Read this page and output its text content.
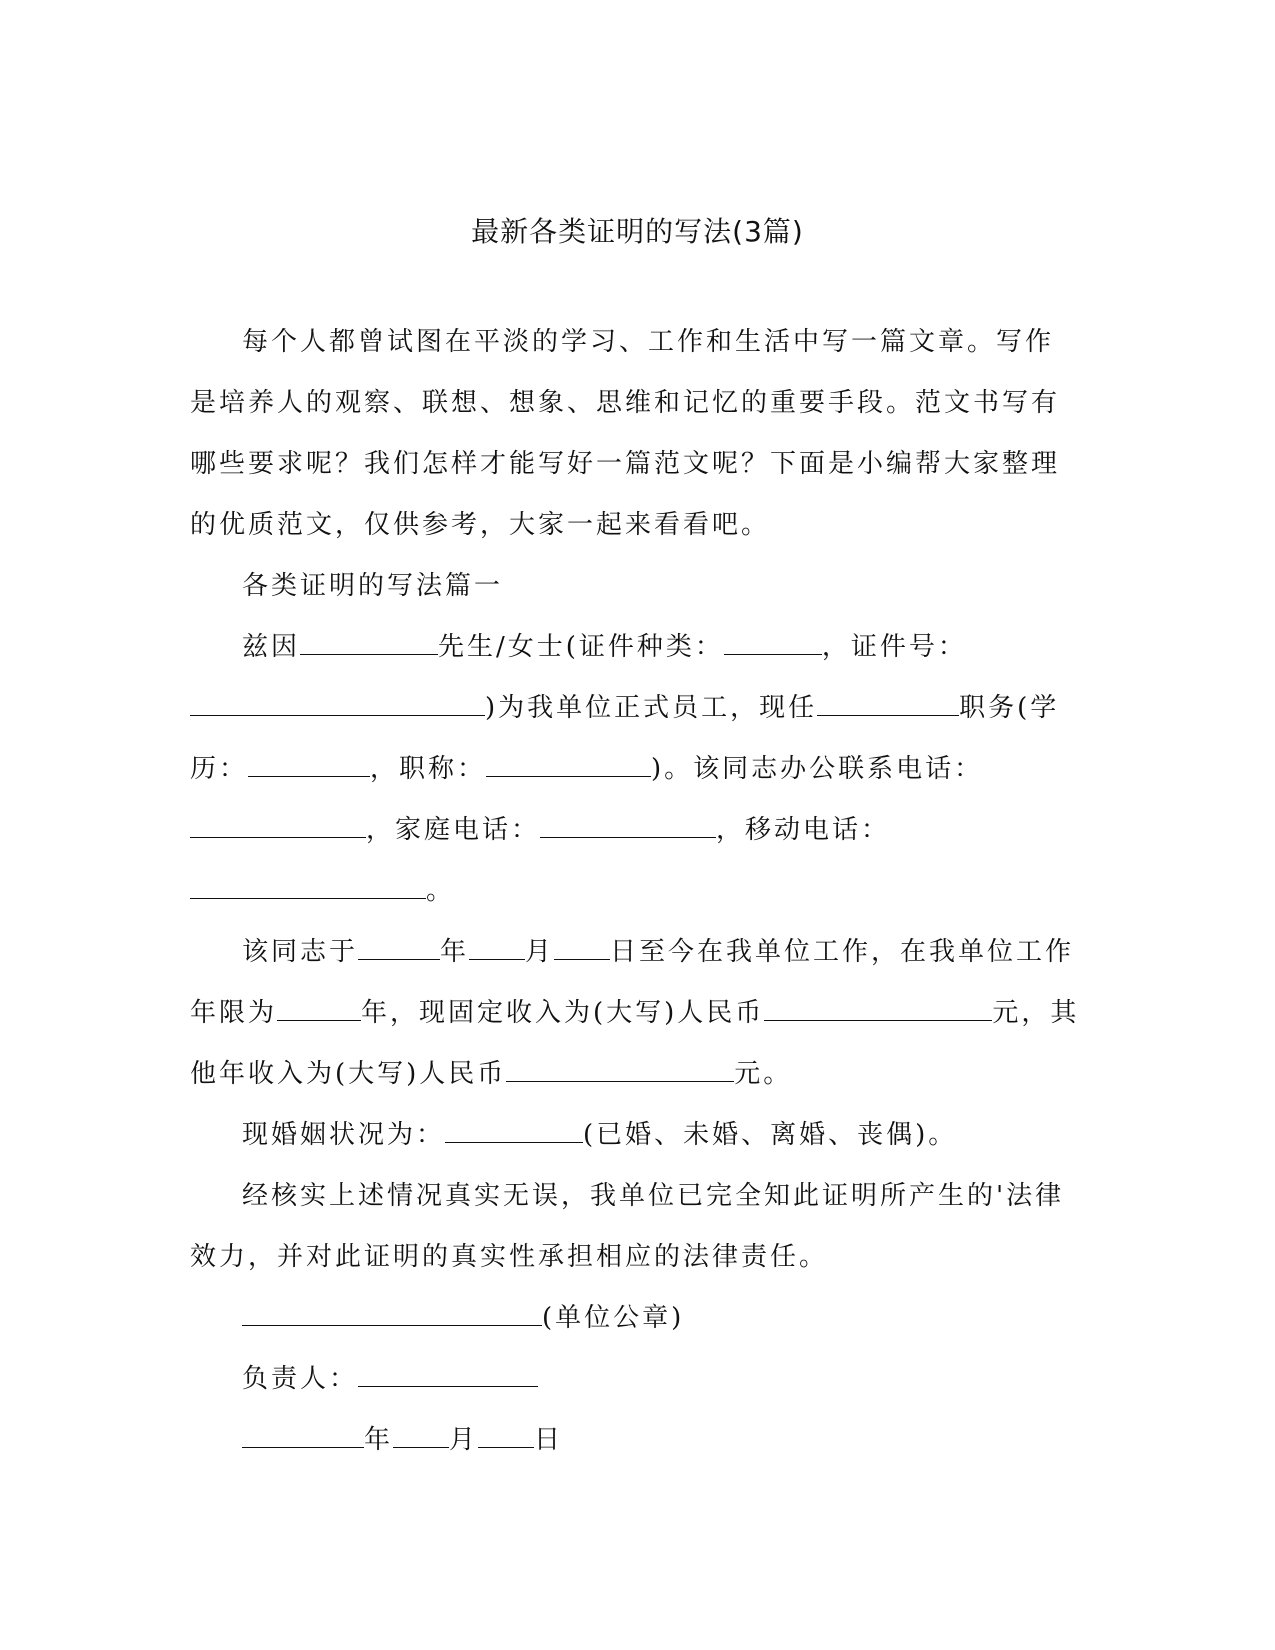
最新各类证明的写法(3篇)

每个人都曾试图在平淡的学习、工作和生活中写一篇文章。写作是培养人的观察、联想、想象、思维和记忆的重要手段。范文书写有哪些要求呢？我们怎样才能写好一篇范文呢？下面是小编帮大家整理的优质范文，仅供参考，大家一起来看看吧。

各类证明的写法篇一

兹因	先生/女士(证件种类：	，证件号：)为我单位正式员工，现任	职务(学历：	，职称：	)。该同志办公联系电话：，家庭电话：	，移动电话：。

该同志于	年 月 日至今在我单位工作，在我单位工作年限为	年，现固定收入为(大写)人民币	元，其他年收入为(大写)人民币	元。

现婚姻状况为：	(已婚、未婚、离婚、丧偶)。

经核实上述情况真实无误，我单位已完全知此证明所产生的'法律效力，并对此证明的真实性承担相应的法律责任。

(单位公章)

负责人：

年 月 日
